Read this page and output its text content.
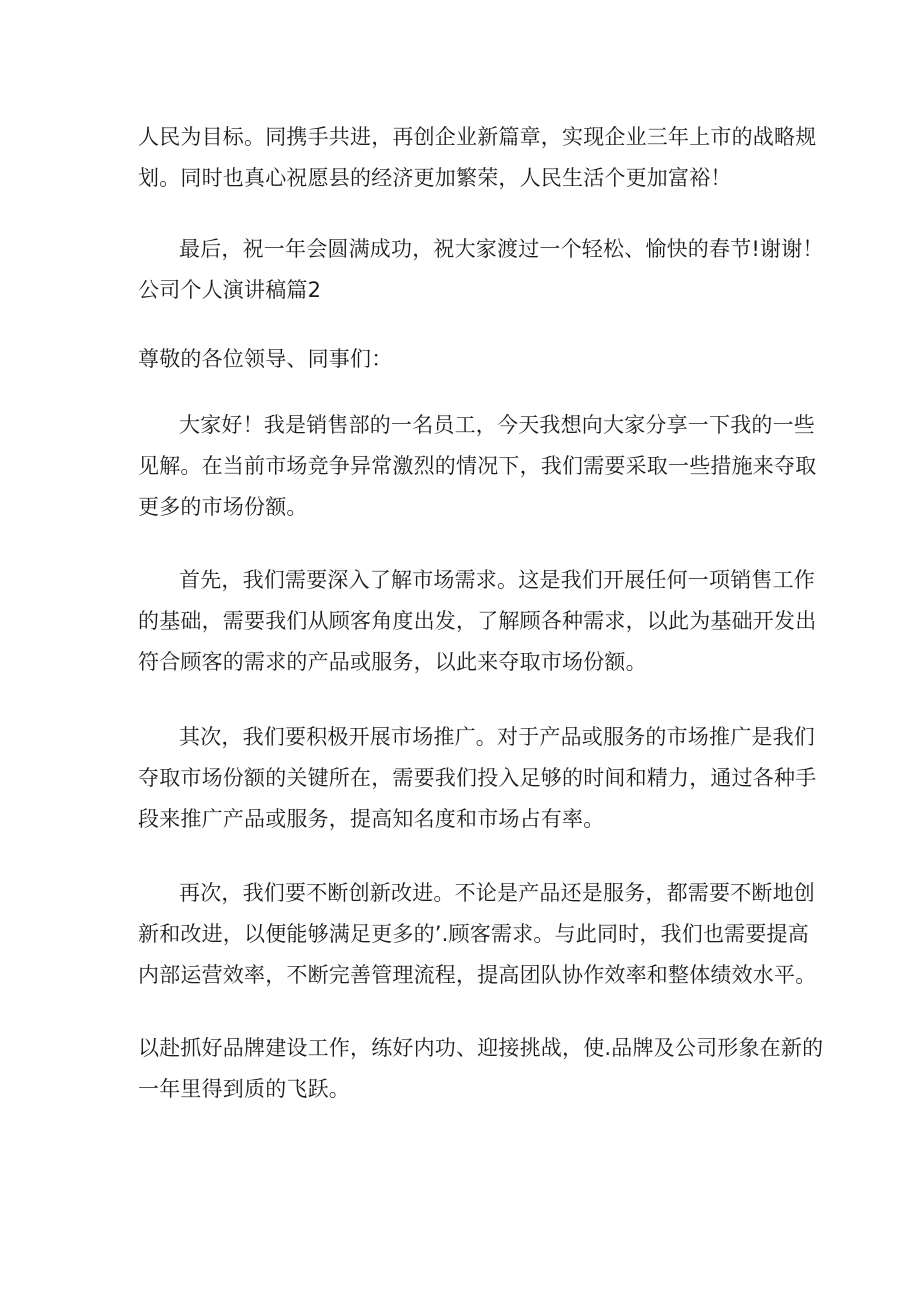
人民为目标。同携手共进，再创企业新篇章，实现企业三年上市的战略规
划。同时也真心祝愿县的经济更加繁荣，人民生活个更加富裕！
最后，祝一年会圆满成功，祝大家渡过一个轻松、愉快的春节!谢谢！
公司个人演讲稿篇2
尊敬的各位领导、同事们：
大家好！我是销售部的一名员工，今天我想向大家分享一下我的一些
见解。在当前市场竞争异常激烈的情况下，我们需要采取一些措施来夺取
更多的市场份额。
首先，我们需要深入了解市场需求。这是我们开展任何一项销售工作
的基础，需要我们从顾客角度出发，了解顾各种需求，以此为基础开发出
符合顾客的需求的产品或服务，以此来夺取市场份额。
其次，我们要积极开展市场推广。对于产品或服务的市场推广是我们
夺取市场份额的关键所在，需要我们投入足够的时间和精力，通过各种手
段来推广产品或服务，提高知名度和市场占有率。
再次，我们要不断创新改进。不论是产品还是服务，都需要不断地创
新和改进，以便能够满足更多的’.顾客需求。与此同时，我们也需要提高
内部运营效率，不断完善管理流程，提高团队协作效率和整体绩效水平。
以赴抓好品牌建设工作，练好内功、迎接挑战，使.品牌及公司形象在新的
一年里得到质的飞跃。
